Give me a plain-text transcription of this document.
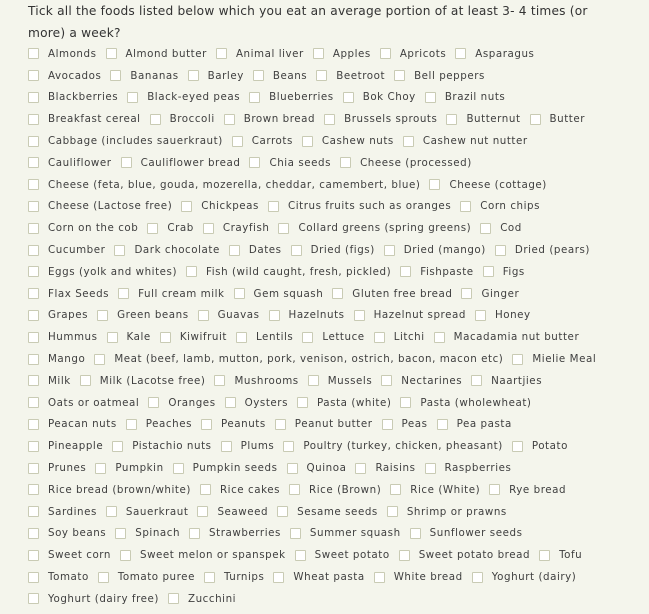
Tick all the foods listed below which you eat an average portion of at least 3- 4 times (or more) a week?
Almonds	Almond butter	Animal liver	Apples	Apricots	Asparagus
Avocados	Bananas	Barley	Beans	Beetroot	Bell peppers
Blackberries	Black-eyed peas	Blueberries	Bok Choy	Brazil nuts
Breakfast cereal	Broccoli	Brown bread	Brussels sprouts	Butternut	Butter
Cabbage (includes sauerkraut)	Carrots	Cashew nuts	Cashew nut nutter
Cauliflower	Cauliflower bread	Chia seeds	Cheese (processed)
Cheese (feta, blue, gouda, mozerella, cheddar, camembert, blue)	Cheese (cottage)
Cheese (Lactose free)	Chickpeas	Citrus fruits such as oranges	Corn chips
Corn on the cob	Crab	Crayfish	Collard greens (spring greens)	Cod
Cucumber	Dark chocolate	Dates	Dried (figs)	Dried (mango)	Dried (pears)
Eggs (yolk and whites)	Fish (wild caught, fresh, pickled)	Fishpaste	Figs
Flax Seeds	Full cream milk	Gem squash	Gluten free bread	Ginger
Grapes	Green beans	Guavas	Hazelnuts	Hazelnut spread	Honey
Hummus	Kale	Kiwifruit	Lentils	Lettuce	Litchi	Macadamia nut butter
Mango	Meat (beef, lamb, mutton, pork, venison, ostrich, bacon, macon etc)	Mielie Meal
Milk	Milk (Lacotse free)	Mushrooms	Mussels	Nectarines	Naartjies
Oats or oatmeal	Oranges	Oysters	Pasta (white)	Pasta (wholewheat)
Peacan nuts	Peaches	Peanuts	Peanut butter	Peas	Pea pasta
Pineapple	Pistachio nuts	Plums	Poultry (turkey, chicken, pheasant)	Potato
Prunes	Pumpkin	Pumpkin seeds	Quinoa	Raisins	Raspberries
Rice bread (brown/white)	Rice cakes	Rice (Brown)	Rice (White)	Rye bread
Sardines	Sauerkraut	Seaweed	Sesame seeds	Shrimp or prawns
Soy beans	Spinach	Strawberries	Summer squash	Sunflower seeds
Sweet corn	Sweet melon or spanspek	Sweet potato	Sweet potato bread	Tofu
Tomato	Tomato puree	Turnips	Wheat pasta	White bread	Yoghurt (dairy)
Yoghurt (dairy free)	Zucchini
